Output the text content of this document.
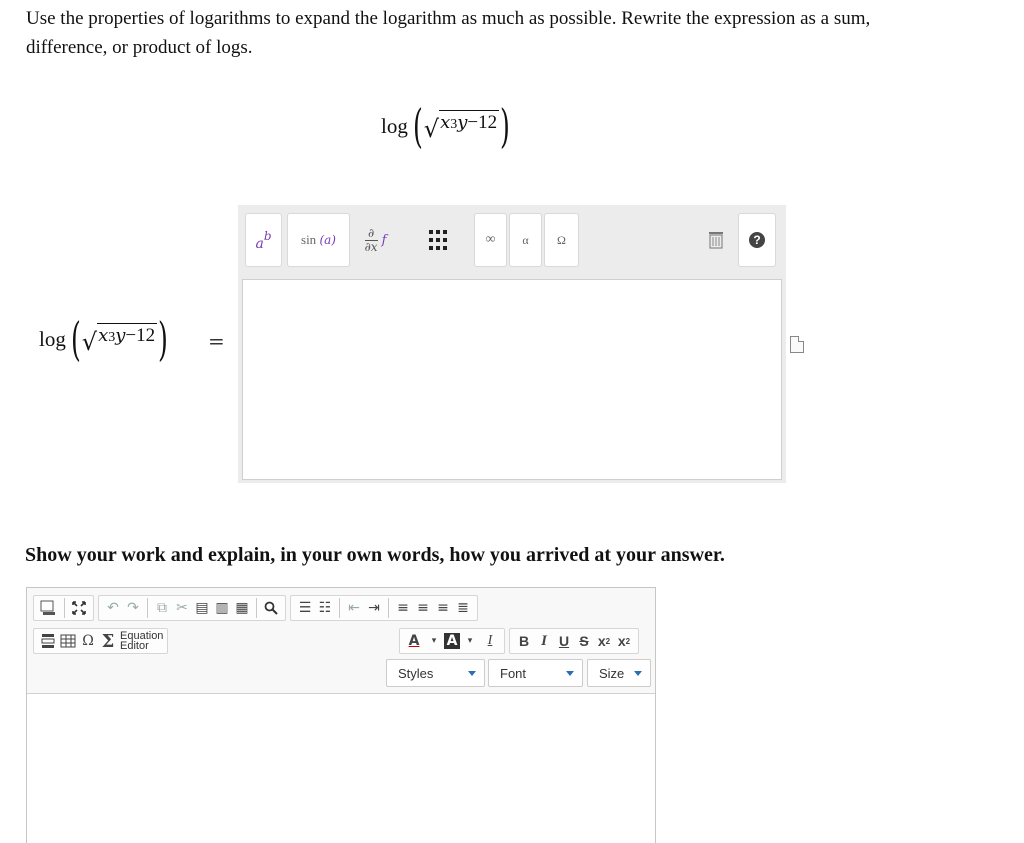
Use the properties of logarithms to expand the logarithm as much as possible. Rewrite the expression as a sum, difference, or product of logs.
log ( √ x 3 y −12 )
log ( √ x 3 y −12 ) =
a b sin
(a)
∂
∂x f	∞ α Ω	?
Show your work and explain, in your own words, how you arrived at your answer.
↶ ↷	⧉ ✂ ▤ ▥ ▦	☰ ☷ ⇤ ⇥ ≡ ≡ ≡ ≣
Ω Σ Equation
Editor	A	▾ A	▾	I	B I U S x 2 x 2
Styles	Font	Size
